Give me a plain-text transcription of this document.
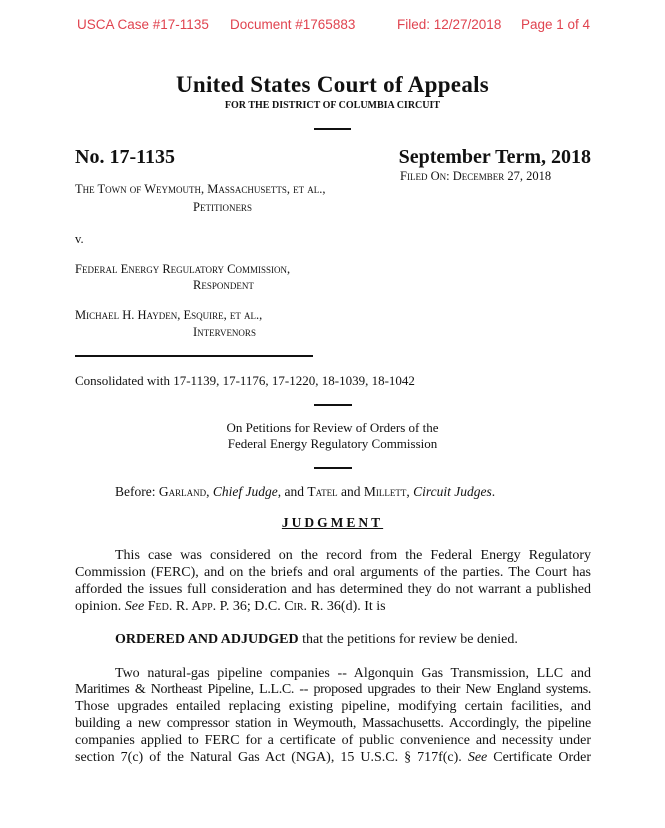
USCA Case #17-1135 Document #1765883	Filed: 12/27/2018 Page 1 of 4
United States Court of Appeals
FOR THE DISTRICT OF COLUMBIA CIRCUIT
No. 17-1135	September Term, 2018
Filed On: December 27, 2018
The Town of Weymouth, Massachusetts, et al.,
Petitioners
v.
Federal Energy Regulatory Commission,
Respondent
Michael H. Hayden, Esquire, et al.,
Intervenors
Consolidated with 17-1139, 17-1176, 17-1220, 18-1039, 18-1042
On Petitions for Review of Orders of the
Federal Energy Regulatory Commission
Before: Garland, Chief Judge, and Tatel and Millett, Circuit Judges.
JUDGMENT
This case was considered on the record from the Federal Energy Regulatory
Commission (FERC), and on the briefs and oral arguments of the parties. The Court has
afforded the issues full consideration and has determined they do not warrant a published
opinion. See Fed. R. App. P. 36; D.C. Cir. R. 36(d). It is
ORDERED AND ADJUDGED that the petitions for review be denied.
Two natural-gas pipeline companies -- Algonquin Gas Transmission, LLC and
Maritimes & Northeast Pipeline, L.L.C. -- proposed upgrades to their New England systems.
Those upgrades entailed replacing existing pipeline, modifying certain facilities, and
building a new compressor station in Weymouth, Massachusetts. Accordingly, the pipeline
companies applied to FERC for a certificate of public convenience and necessity under
section 7(c) of the Natural Gas Act (NGA), 15 U.S.C. § 717f(c). See Certificate Order
